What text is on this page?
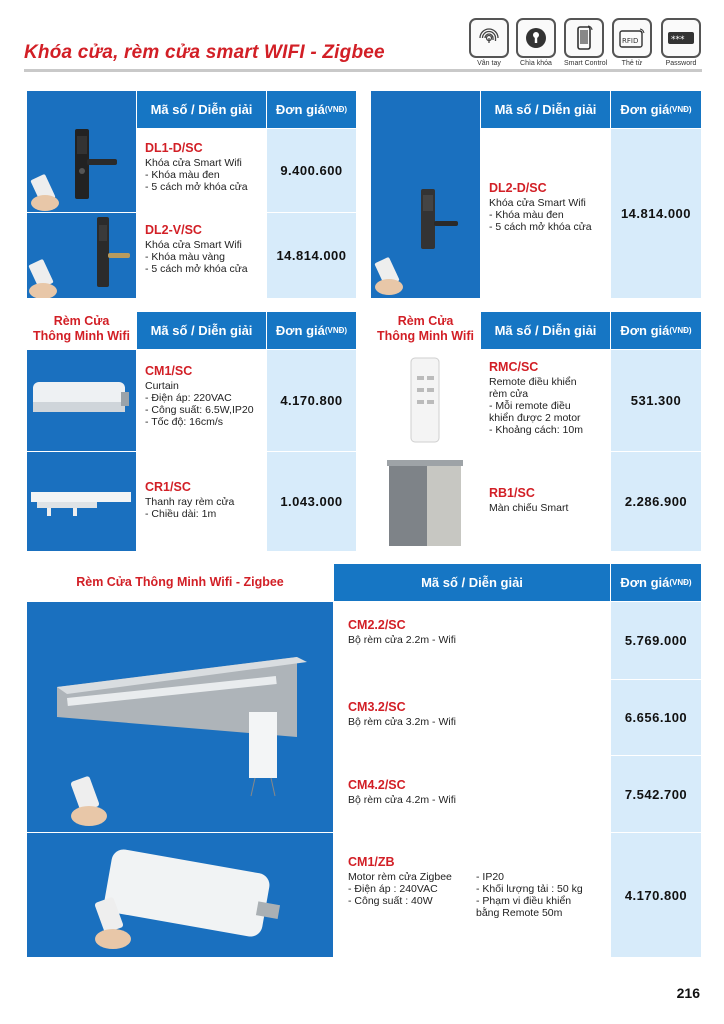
Khóa cửa, rèm cửa smart WIFI - Zigbee
Vân tay	Chìa khóa	Smart Control
RFID
Thẻ từ
***
Password
Mã số / Diễn giải	Đơn giá (VNĐ)
DL1-D/SC
Khóa cửa Smart Wifi
- Khóa màu đen
- 5 cách mở khóa cửa
9.400.600
DL2-V/SC
Khóa cửa Smart Wifi
- Khóa màu vàng
- 5 cách mở khóa cửa
14.814.000
Mã số / Diễn giải	Đơn giá (VNĐ)
DL2-D/SC
Khóa cửa Smart Wifi
- Khóa màu đen
- 5 cách mở khóa cửa
14.814.000
Rèm Cửa
Thông Minh Wifi	Mã số / Diễn giải	Đơn giá (VNĐ)
CM1/SC
Curtain
- Điện áp: 220VAC
- Công suất: 6.5W,IP20
- Tốc độ: 16cm/s
4.170.800
CR1/SC
Thanh ray rèm cửa
- Chiều dài: 1m
1.043.000
Rèm Cửa
Thông Minh Wifi	Mã số / Diễn giải	Đơn giá (VNĐ)
RMC/SC
Remote điều khiển
rèm cửa
- Mỗi remote điều
khiển được 2 motor
- Khoảng cách: 10m
531.300
RB1/SC
Màn chiếu Smart	2.286.900
Rèm Cửa Thông Minh Wifi - Zigbee	Mã số / Diễn giải	Đơn giá (VNĐ)
CM2.2/SC
Bộ rèm cửa 2.2m - Wifi	5.769.000
CM3.2/SC
Bộ rèm cửa 3.2m - Wifi	6.656.100
CM4.2/SC
Bộ rèm cửa 4.2m - Wifi	7.542.700
CM1/ZB
Motor rèm cửa Zigbee
- Điện áp : 240VAC
- Công suất : 40W
- IP20
- Khối lượng tải : 50 kg
- Phạm vi điều khiển
bằng Remote 50m
4.170.800
216
